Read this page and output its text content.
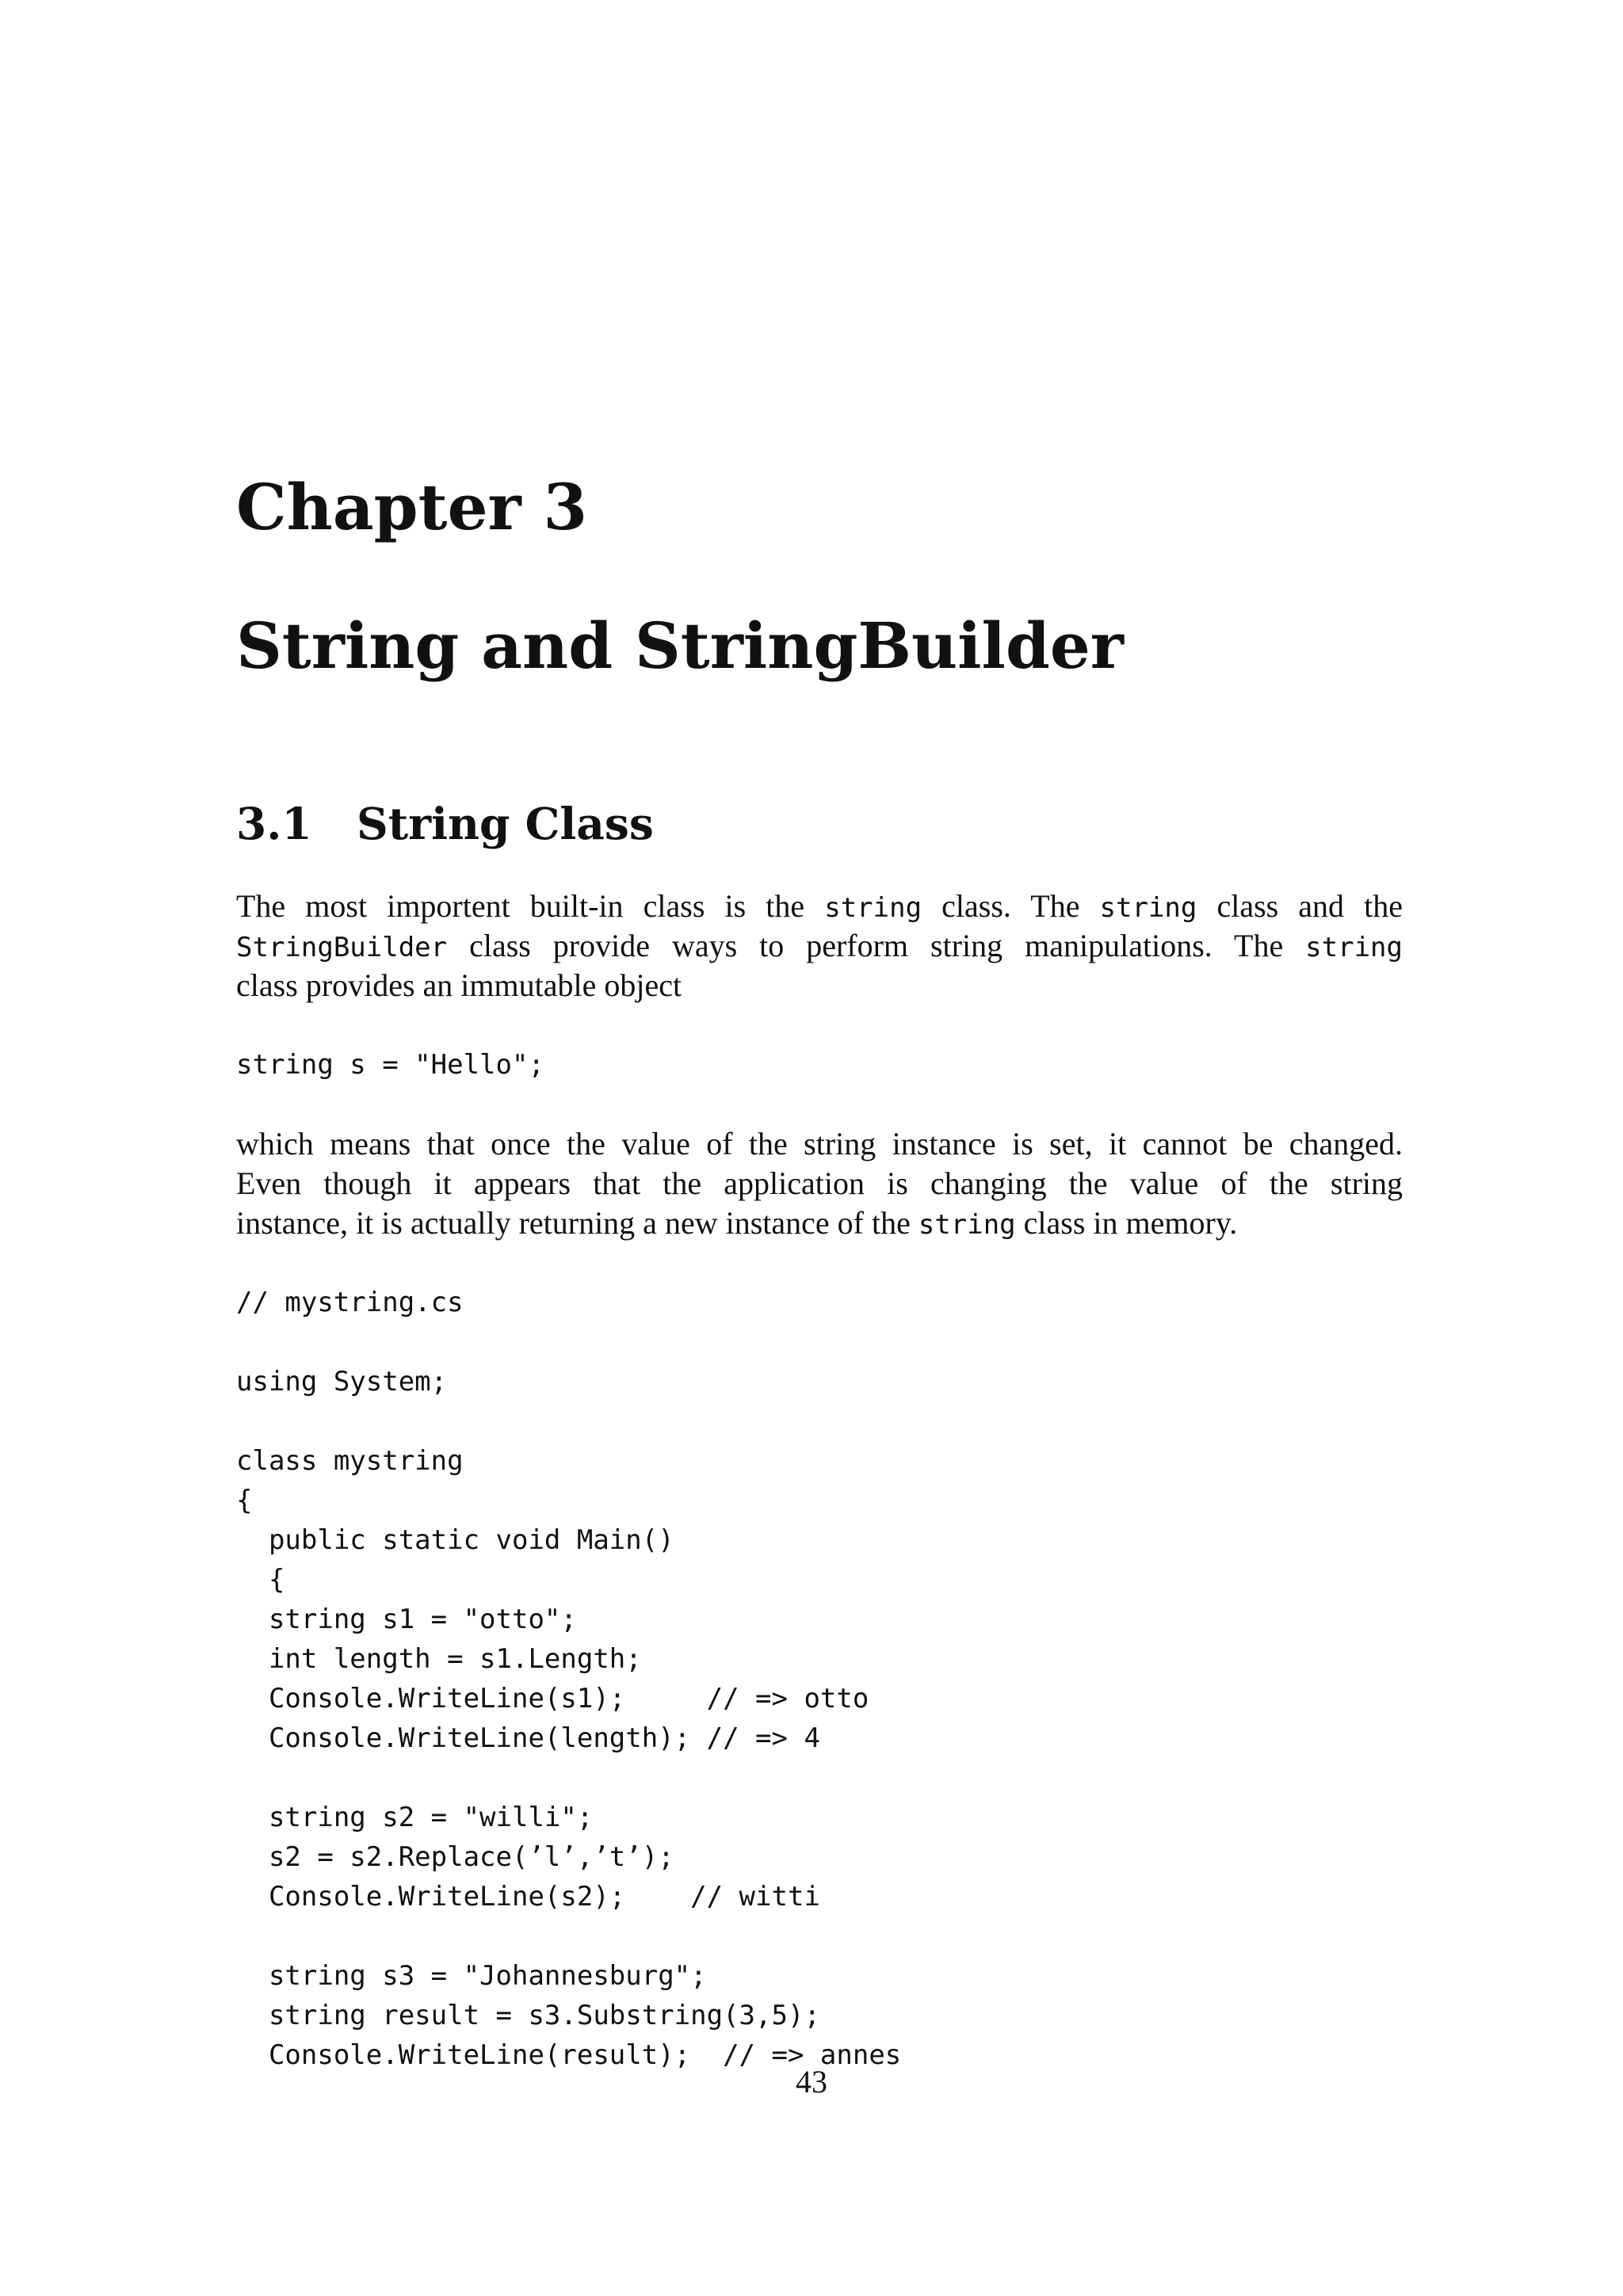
Chapter 3
String and StringBuilder
3.1 String Class

The most importent built-in class is the string class. The string class and the

StringBuilder class provide ways to perform string manipulations. The string

class provides an immutable object

string s = "Hello";

which means that once the value of the string instance is set, it cannot be changed.

Even though it appears that the application is changing the value of the string

instance, it is actually returning a new instance of the string class in memory.

// mystring.cs
using System;
class mystring
{
public static void Main()
{
string s1 = "otto";
int length = s1.Length;
Console.WriteLine(s1);     // => otto
Console.WriteLine(length); // => 4
string s2 = "willi";
s2 = s2.Replace(’l’,’t’);
Console.WriteLine(s2);    // witti
string s3 = "Johannesburg";
string result = s3.Substring(3,5);
Console.WriteLine(result);  // => annes
43
